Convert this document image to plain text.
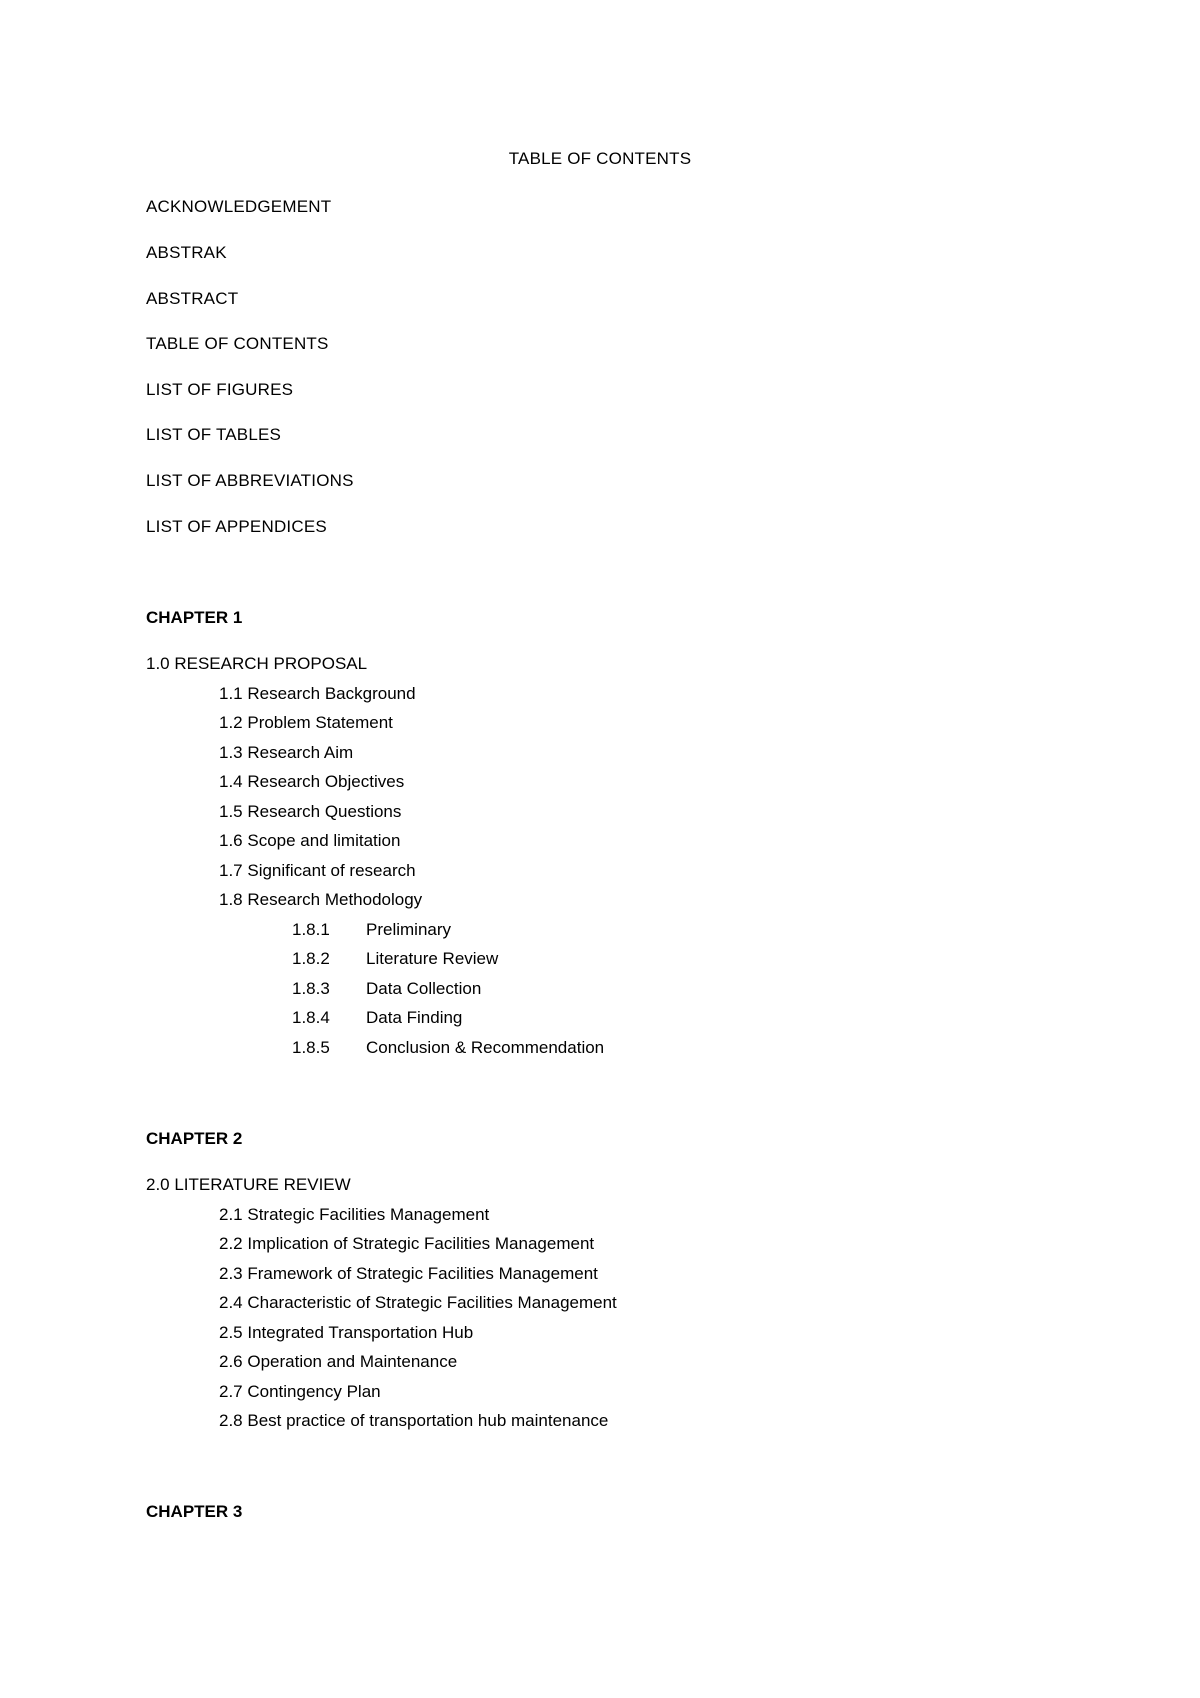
TABLE OF CONTENTS
ACKNOWLEDGEMENT
ABSTRAK
ABSTRACT
TABLE OF CONTENTS
LIST OF FIGURES
LIST OF TABLES
LIST OF ABBREVIATIONS
LIST OF APPENDICES
CHAPTER 1
1.0 RESEARCH PROPOSAL
1.1 Research Background
1.2 Problem Statement
1.3 Research Aim
1.4 Research Objectives
1.5 Research Questions
1.6 Scope and limitation
1.7 Significant of research
1.8 Research Methodology
1.8.1 Preliminary
1.8.2 Literature Review
1.8.3 Data Collection
1.8.4 Data Finding
1.8.5 Conclusion & Recommendation
CHAPTER 2
2.0 LITERATURE REVIEW
2.1 Strategic Facilities Management
2.2 Implication of Strategic Facilities Management
2.3 Framework of Strategic Facilities Management
2.4 Characteristic of Strategic Facilities Management
2.5 Integrated Transportation Hub
2.6 Operation and Maintenance
2.7 Contingency Plan
2.8 Best practice of transportation hub maintenance
CHAPTER 3
